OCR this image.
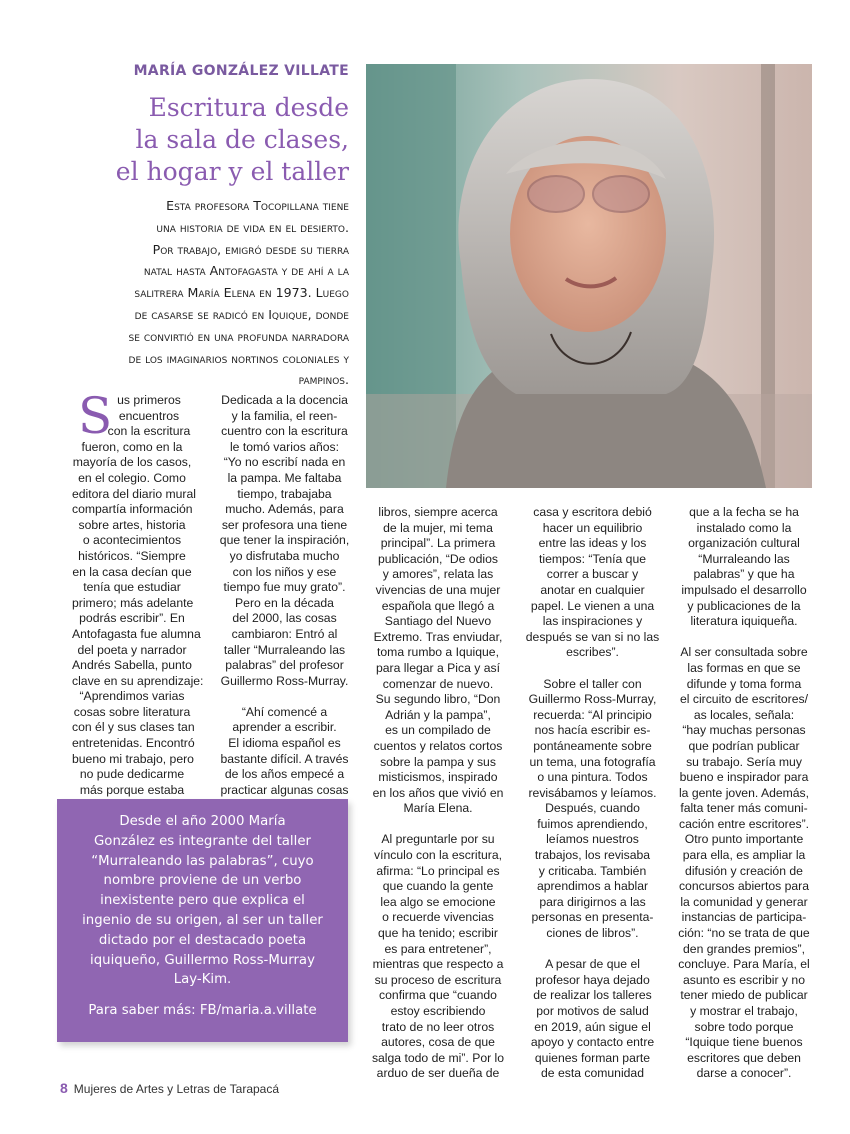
MARÍA GONZÁLEZ VILLATE
Escritura desde
la sala de clases,
el hogar y el taller
Esta profesora Tocopillana tiene
una historia de vida en el desierto.
Por trabajo, emigró desde su tierra
natal hasta Antofagasta y de ahí a la
salitrera María Elena en 1973. Luego
de casarse se radicó en Iquique, donde
se convirtió en una profunda narradora
de los imaginarios nortinos coloniales y
pampinos.
S us primeros
encuentros
con la escritura
fueron, como en la
mayoría de los casos,
en el colegio. Como
editora del diario mural
compartía información
sobre artes, historia
o acontecimientos
históricos. “Siempre
en la casa decían que
tenía que estudiar
primero; más adelante
podrás escribir”. En
Antofagasta fue alumna
del poeta y narrador
Andrés Sabella, punto
clave en su aprendizaje:
“Aprendimos varias
cosas sobre literatura
con él y sus clases tan
entretenidas. Encontró
bueno mi trabajo, pero
no pude dedicarme
más porque estaba
Dedicada a la docencia
y la familia, el reen-
cuentro con la escritura
le tomó varios años:
“Yo no escribí nada en
la pampa. Me faltaba
tiempo, trabajaba
mucho. Además, para
ser profesora una tiene
que tener la inspiración,
yo disfrutaba mucho
con los niños y ese
tiempo fue muy grato”.
Pero en la década
del 2000, las cosas
cambiaron: Entró al
taller “Murraleando las
palabras” del profesor
Guillermo Ross-Murray.
“Ahí comencé a
aprender a escribir.
El idioma español es
bastante difícil. A través
de los años empecé a
practicar algunas cosas
libros, siempre acerca
de la mujer, mi tema
principal”. La primera
publicación, “De odios
y amores”, relata las
vivencias de una mujer
española que llegó a
Santiago del Nuevo
Extremo. Tras enviudar,
toma rumbo a Iquique,
para llegar a Pica y así
comenzar de nuevo.
Su segundo libro, “Don
Adrián y la pampa”,
es un compilado de
cuentos y relatos cortos
sobre la pampa y sus
misticismos, inspirado
en los años que vivió en
María Elena.
Al preguntarle por su
vínculo con la escritura,
afirma: “Lo principal es
que cuando la gente
lea algo se emocione
o recuerde vivencias
que ha tenido; escribir
es para entretener”,
mientras que respecto a
su proceso de escritura
confirma que “cuando
estoy escribiendo
trato de no leer otros
autores, cosa de que
salga todo de mi”. Por lo
arduo de ser dueña de
casa y escritora debió
hacer un equilibrio
entre las ideas y los
tiempos: “Tenía que
correr a buscar y
anotar en cualquier
papel. Le vienen a una
las inspiraciones y
después se van si no las
escribes”.
Sobre el taller con
Guillermo Ross-Murray,
recuerda: “Al principio
nos hacía escribir es-
pontáneamente sobre
un tema, una fotografía
o una pintura. Todos
revisábamos y leíamos.
Después, cuando
fuimos aprendiendo,
leíamos nuestros
trabajos, los revisaba
y criticaba. También
aprendimos a hablar
para dirigirnos a las
personas en presenta-
ciones de libros”.
A pesar de que el
profesor haya dejado
de realizar los talleres
por motivos de salud
en 2019, aún sigue el
apoyo y contacto entre
quienes forman parte
de esta comunidad
que a la fecha se ha
instalado como la
organización cultural
“Murraleando las
palabras” y que ha
impulsado el desarrollo
y publicaciones de la
literatura iquiqueña.
Al ser consultada sobre
las formas en que se
difunde y toma forma
el circuito de escritores/
as locales, señala:
“hay muchas personas
que podrían publicar
su trabajo. Sería muy
bueno e inspirador para
la gente joven. Además,
falta tener más comuni-
cación entre escritores”.
Otro punto importante
para ella, es ampliar la
difusión y creación de
concursos abiertos para
la comunidad y generar
instancias de participa-
ción: “no se trata de que
den grandes premios”,
concluye. Para María, el
asunto es escribir y no
tener miedo de publicar
y mostrar el trabajo,
sobre todo porque
“Iquique tiene buenos
escritores que deben
darse a conocer”.
Desde el año 2000 María
González es integrante del taller
“Murraleando las palabras”, cuyo
nombre proviene de un verbo
inexistente pero que explica el
ingenio de su origen, al ser un taller
dictado por el destacado poeta
iquiqueño, Guillermo Ross-Murray
Lay-Kim.
Para saber más: FB/maria.a.villate
8 Mujeres de Artes y Letras de Tarapacá
